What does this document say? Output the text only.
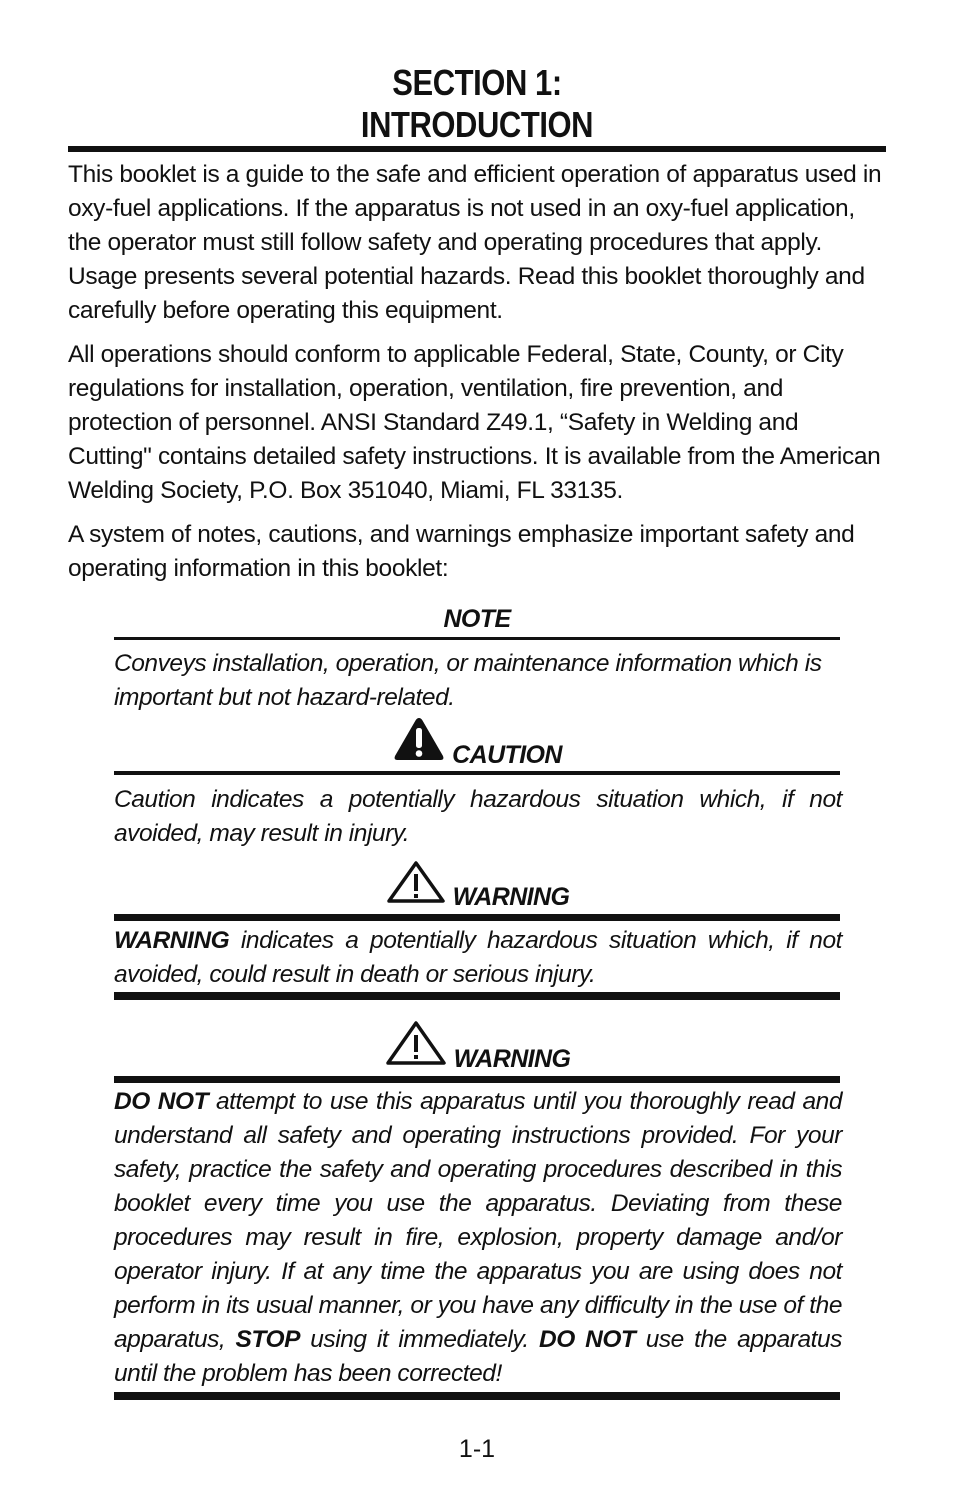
SECTION 1:
INTRODUCTION

This booklet is a guide to the safe and efficient operation of apparatus used in oxy-fuel applications. If the apparatus is not used in an oxy-fuel application, the operator must still follow safety and operating procedures that apply. Usage presents several potential hazards. Read this booklet thoroughly and carefully before operating this equipment.

All operations should conform to applicable Federal, State, County, or City regulations for installation, operation, ventilation, fire prevention, and protection of personnel. ANSI Standard Z49.1, “Safety in Welding and Cutting" contains detailed safety instructions. It is available from the American Welding Society, P.O. Box 351040, Miami, FL 33135.

A system of notes, cautions, and warnings emphasize important safety and operating information in this booklet:

NOTE

Conveys installation, operation, or maintenance information which is important but not hazard-related.

CAUTION

Caution indicates a potentially hazardous situation which, if not avoided, may result in injury.

WARNING

WARNING indicates a potentially hazardous situation which, if not avoided, could result in death or serious injury.

WARNING

DO NOT attempt to use this apparatus until you thoroughly read and understand all safety and operating instructions provided. For your safety, practice the safety and operating procedures described in this booklet every time you use the apparatus. Deviating from these procedures may result in fire, explosion, property damage and/or operator injury. If at any time the apparatus you are using does not perform in its usual manner, or you have any difficulty in the use of the apparatus, STOP using it immediately. DO NOT use the apparatus until the problem has been corrected!

1-1
